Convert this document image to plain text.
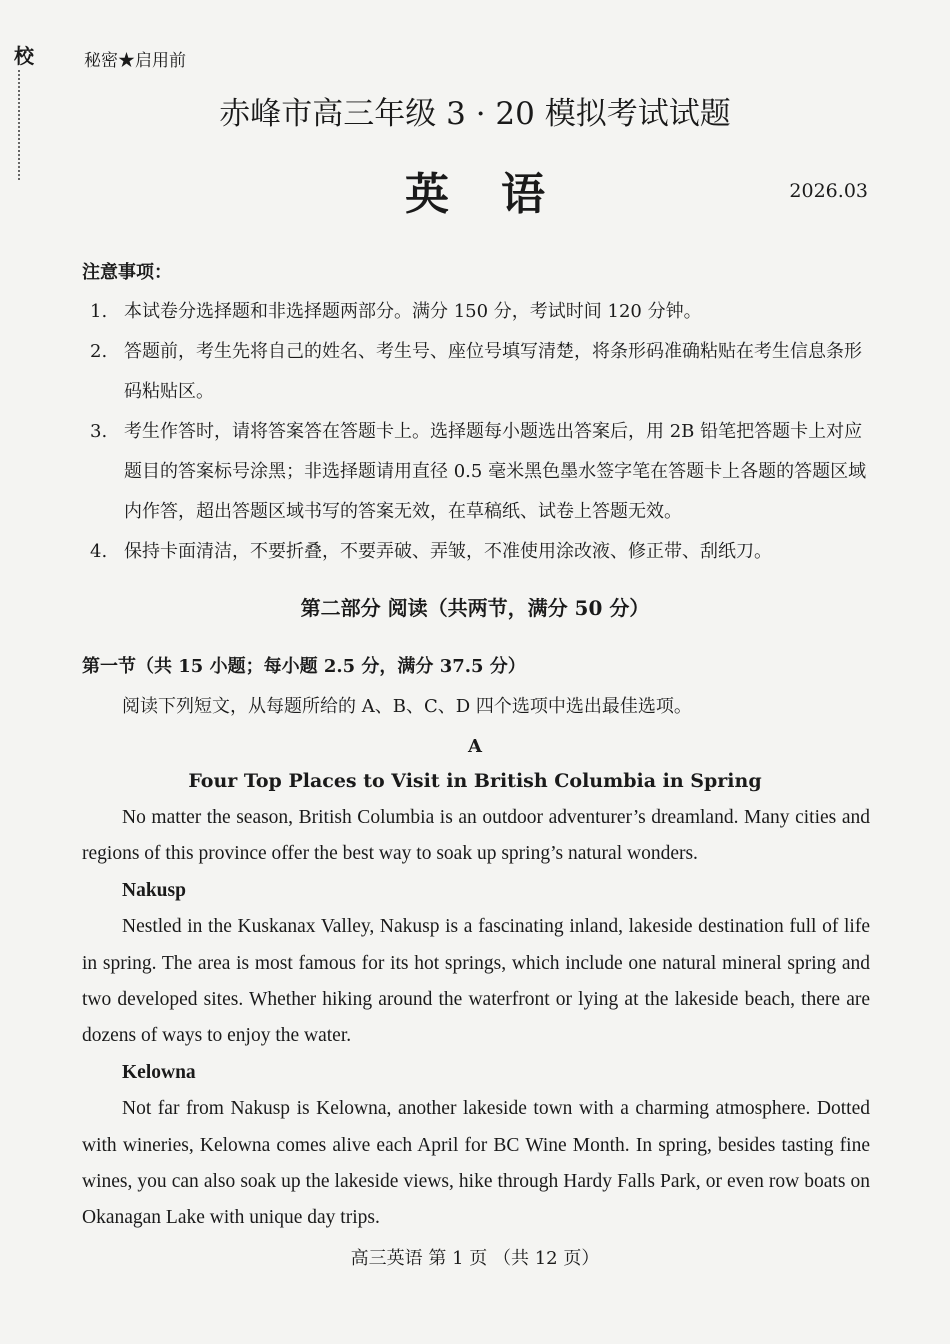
校	秘密★启用前
赤峰市高三年级 3 · 20 模拟考试试题
英语	2026.03
注意事项：
1. 本试卷分选择题和非选择题两部分。满分 150 分，考试时间 120 分钟。
2. 答题前，考生先将自己的姓名、考生号、座位号填写清楚，将条形码准确粘贴在考生信息条形码粘贴区。
3. 考生作答时，请将答案答在答题卡上。选择题每小题选出答案后，用 2B 铅笔把答题卡上对应题目的答案标号涂黑；非选择题请用直径 0.5 毫米黑色墨水签字笔在答题卡上各题的答题区域内作答，超出答题区域书写的答案无效，在草稿纸、试卷上答题无效。
4. 保持卡面清洁，不要折叠，不要弄破、弄皱，不准使用涂改液、修正带、刮纸刀。
第二部分 阅读（共两节，满分 50 分）
第一节（共 15 小题；每小题 2.5 分，满分 37.5 分）
阅读下列短文，从每题所给的 A、B、C、D 四个选项中选出最佳选项。
A
Four Top Places to Visit in British Columbia in Spring

No matter the season, British Columbia is an outdoor adventurer’s dreamland. Many cities and regions of this province offer the best way to soak up spring’s natural wonders.

Nakusp

Nestled in the Kuskanax Valley, Nakusp is a fascinating inland, lakeside destination full of life in spring. The area is most famous for its hot springs, which include one natural mineral spring and two developed sites. Whether hiking around the waterfront or lying at the lakeside beach, there are dozens of ways to enjoy the water.

Kelowna

Not far from Nakusp is Kelowna, another lakeside town with a charming atmosphere. Dotted with wineries, Kelowna comes alive each April for BC Wine Month. In spring, besides tasting fine wines, you can also soak up the lakeside views, hike through Hardy Falls Park, or even row boats on Okanagan Lake with unique day trips.

高三英语 第 1 页 （共 12 页）
